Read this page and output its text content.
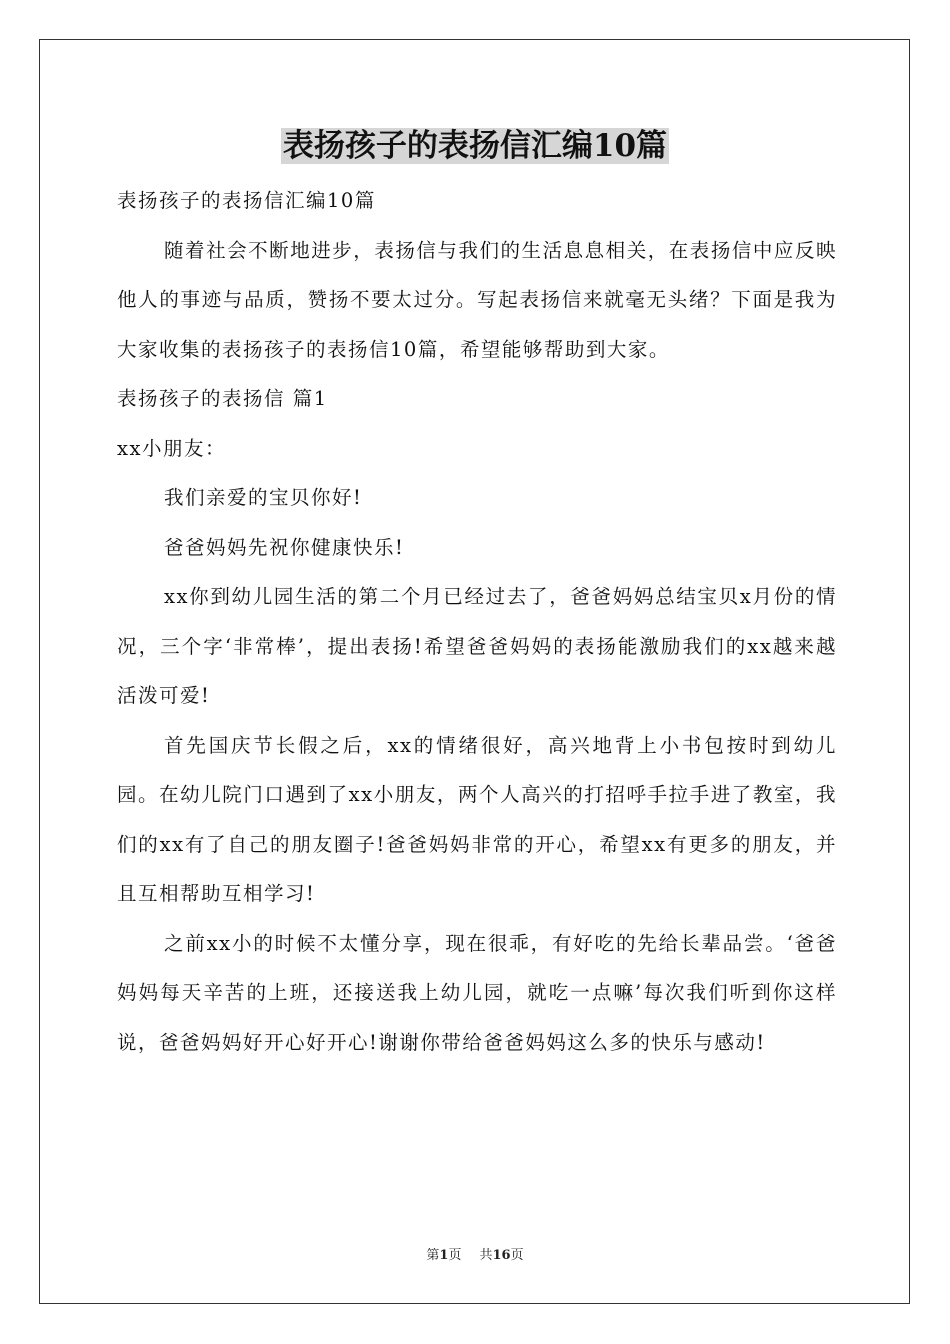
表扬孩子的表扬信汇编10篇

表扬孩子的表扬信汇编10篇

随着社会不断地进步，表扬信与我们的生活息息相关，在表扬信中应反映他人的事迹与品质，赞扬不要太过分。写起表扬信来就毫无头绪？下面是我为大家收集的表扬孩子的表扬信10篇，希望能够帮助到大家。

表扬孩子的表扬信 篇1

xx小朋友：

我们亲爱的宝贝你好!

爸爸妈妈先祝你健康快乐!

xx你到幼儿园生活的第二个月已经过去了，爸爸妈妈总结宝贝x月份的情况，三个字‘非常棒’，提出表扬!希望爸爸妈妈的表扬能激励我们的xx越来越活泼可爱!

首先国庆节长假之后，xx的情绪很好，高兴地背上小书包按时到幼儿园。在幼儿院门口遇到了xx小朋友，两个人高兴的打招呼手拉手进了教室，我们的xx有了自己的朋友圈子!爸爸妈妈非常的开心，希望xx有更多的朋友，并且互相帮助互相学习!

之前xx小的时候不太懂分享，现在很乖，有好吃的先给长辈品尝。‘爸爸妈妈每天辛苦的上班，还接送我上幼儿园，就吃一点嘛’每次我们听到你这样说，爸爸妈妈好开心好开心!谢谢你带给爸爸妈妈这么多的快乐与感动!

第1页 共16页
